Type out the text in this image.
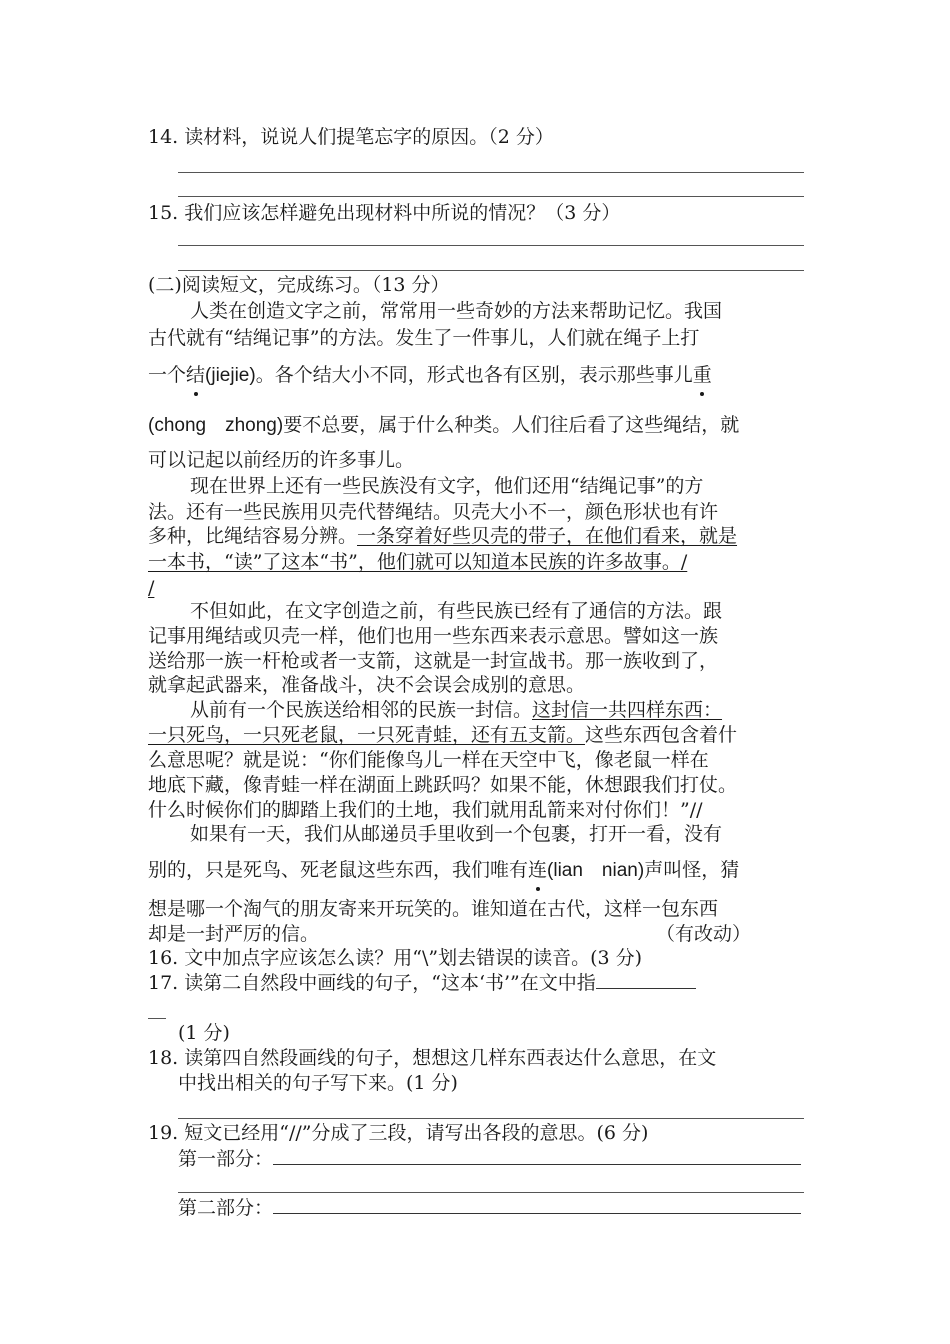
14. 读材料，说说人们提笔忘字的原因。（2 分）
15. 我们应该怎样避免出现材料中所说的情况？（3 分）
(二)阅读短文，完成练习。（13 分）
人类在创造文字之前，常常用一些奇妙的方法来帮助记忆。我国
古代就有“结绳记事”的方法。发生了一件事儿，人们就在绳子上打
一个结(jiejie)。各个结大小不同，形式也各有区别，表示那些事儿重
(chong　zhong)要不总要，属于什么种类。人们往后看了这些绳结，就
可以记起以前经历的许多事儿。
现在世界上还有一些民族没有文字，他们还用“结绳记事”的方
法。还有一些民族用贝壳代替绳结。贝壳大小不一，颜色形状也有许
多种，比绳结容易分辨。一条穿着好些贝壳的带子，在他们看来，就是
一本书，“读”了这本“书”，他们就可以知道本民族的许多故事。/
/
不但如此，在文字创造之前，有些民族已经有了通信的方法。跟
记事用绳结或贝壳一样，他们也用一些东西来表示意思。譬如这一族
送给那一族一杆枪或者一支箭，这就是一封宣战书。那一族收到了，
就拿起武器来，准备战斗，决不会误会成别的意思。
从前有一个民族送给相邻的民族一封信。这封信一共四样东西：
一只死鸟，一只死老鼠，一只死青蛙，还有五支箭。这些东西包含着什
么意思呢？就是说：“你们能像鸟儿一样在天空中飞，像老鼠一样在
地底下藏，像青蛙一样在湖面上跳跃吗？如果不能，休想跟我们打仗。
什么时候你们的脚踏上我们的土地，我们就用乱箭来对付你们！”//
如果有一天，我们从邮递员手里收到一个包裹，打开一看，没有
别的，只是死鸟、死老鼠这些东西，我们唯有连(lian　nian)声叫怪，猜
想是哪一个淘气的朋友寄来开玩笑的。谁知道在古代，这样一包东西
却是一封严厉的信。	（有改动）
16. 文中加点字应该怎么读？用“\”划去错误的读音。(3 分)
17. 读第二自然段中画线的句子，“这本‘书’”在文中指
(1 分)
18. 读第四自然段画线的句子，想想这几样东西表达什么意思，在文
中找出相关的句子写下来。(1 分)
19. 短文已经用“//”分成了三段，请写出各段的意思。(6 分)
第一部分：
第二部分：
